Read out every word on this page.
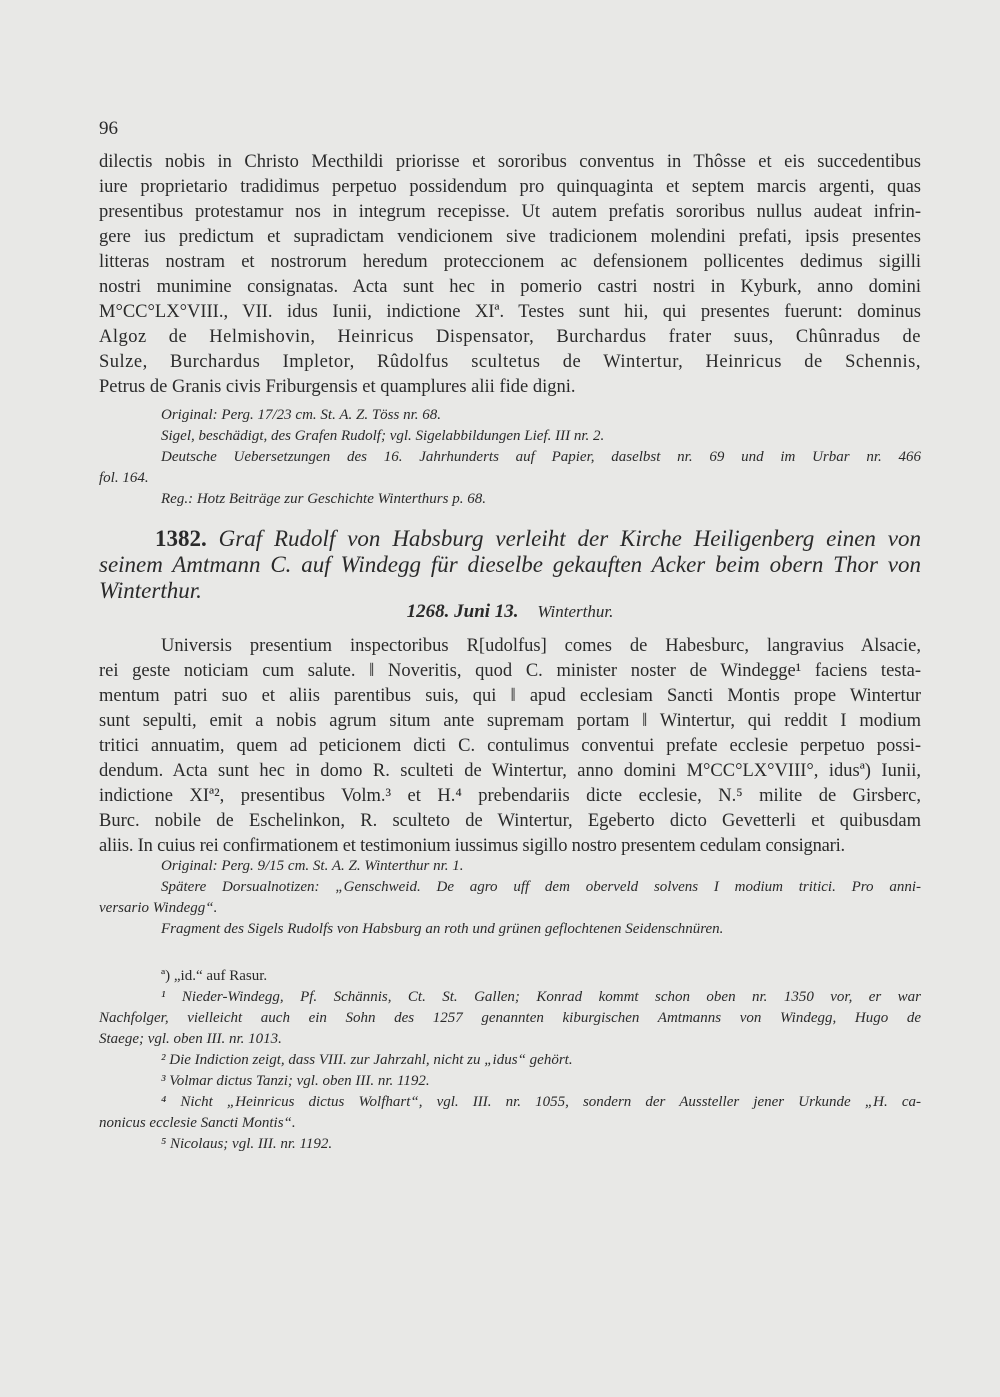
96
dilectis nobis in Christo Mecthildi priorisse et sororibus conventus in Thôsse et eis succedentibus
iure proprietario tradidimus perpetuo possidendum pro quinquaginta et septem marcis argenti, quas
presentibus protestamur nos in integrum recepisse. Ut autem prefatis sororibus nullus audeat infrin-
gere ius predictum et supradictam vendicionem sive tradicionem molendini prefati, ipsis presentes
litteras nostram et nostrorum heredum proteccionem ac defensionem pollicentes dedimus sigilli
nostri munimine consignatas. Acta sunt hec in pomerio castri nostri in Kyburk, anno domini
M°CC°LX°VIII., VII. idus Iunii, indictione XIª. Testes sunt hii, qui presentes fuerunt: dominus
Algoz de Helmishovin, Heinricus Dispensator, Burchardus frater suus, Chûnradus de
Sulze, Burchardus Impletor, Rûdolfus scultetus de Wintertur, Heinricus de Schennis,
Petrus de Granis civis Friburgensis et quamplures alii fide digni.
Original: Perg. 17/23 cm. St. A. Z. Töss nr. 68.
Sigel, beschädigt, des Grafen Rudolf; vgl. Sigelabbildungen Lief. III nr. 2.
Deutsche Uebersetzungen des 16. Jahrhunderts auf Papier, daselbst nr. 69 und im Urbar nr. 466
fol. 164.
Reg.: Hotz Beiträge zur Geschichte Winterthurs p. 68.
1382. Graf Rudolf von Habsburg verleiht der Kirche Heiligenberg einen von
seinem Amtmann C. auf Windegg für dieselbe gekauften Acker beim obern Thor von
Winterthur.
1268. Juni 13. Winterthur.
Universis presentium inspectoribus R[udolfus] comes de Habesburc, langravius Alsacie,
rei geste noticiam cum salute. ‖ Noveritis, quod C. minister noster de Windegge¹ faciens testa-
mentum patri suo et aliis parentibus suis, qui ‖ apud ecclesiam Sancti Montis prope Wintertur
sunt sepulti, emit a nobis agrum situm ante supremam portam ‖ Wintertur, qui reddit I modium
tritici annuatim, quem ad peticionem dicti C. contulimus conventui prefate ecclesie perpetuo possi-
dendum. Acta sunt hec in domo R. sculteti de Wintertur, anno domini M°CC°LX°VIII°, idusª) Iunii,
indictione XIª², presentibus Volm.³ et H.⁴ prebendariis dicte ecclesie, N.⁵ milite de Girsberc,
Burc. nobile de Eschelinkon, R. sculteto de Wintertur, Egeberto dicto Gevetterli et quibusdam
aliis. In cuius rei confirmationem et testimonium iussimus sigillo nostro presentem cedulam consignari.
Original: Perg. 9/15 cm. St. A. Z. Winterthur nr. 1.
Spätere Dorsualnotizen: „Genschweid. De agro uff dem oberveld solvens I modium tritici. Pro anni-
versario Windegg“.
Fragment des Sigels Rudolfs von Habsburg an roth und grünen geflochtenen Seidenschnüren.
ª) „id.“ auf Rasur.
¹ Nieder-Windegg, Pf. Schännis, Ct. St. Gallen; Konrad kommt schon oben nr. 1350 vor, er war
Nachfolger, vielleicht auch ein Sohn des 1257 genannten kiburgischen Amtmanns von Windegg, Hugo de
Staege; vgl. oben III. nr. 1013.
² Die Indiction zeigt, dass VIII. zur Jahrzahl, nicht zu „idus“ gehört.
³ Volmar dictus Tanzi; vgl. oben III. nr. 1192.
⁴ Nicht „Heinricus dictus Wolfhart“, vgl. III. nr. 1055, sondern der Aussteller jener Urkunde „H. ca-
nonicus ecclesie Sancti Montis“.
⁵ Nicolaus; vgl. III. nr. 1192.
